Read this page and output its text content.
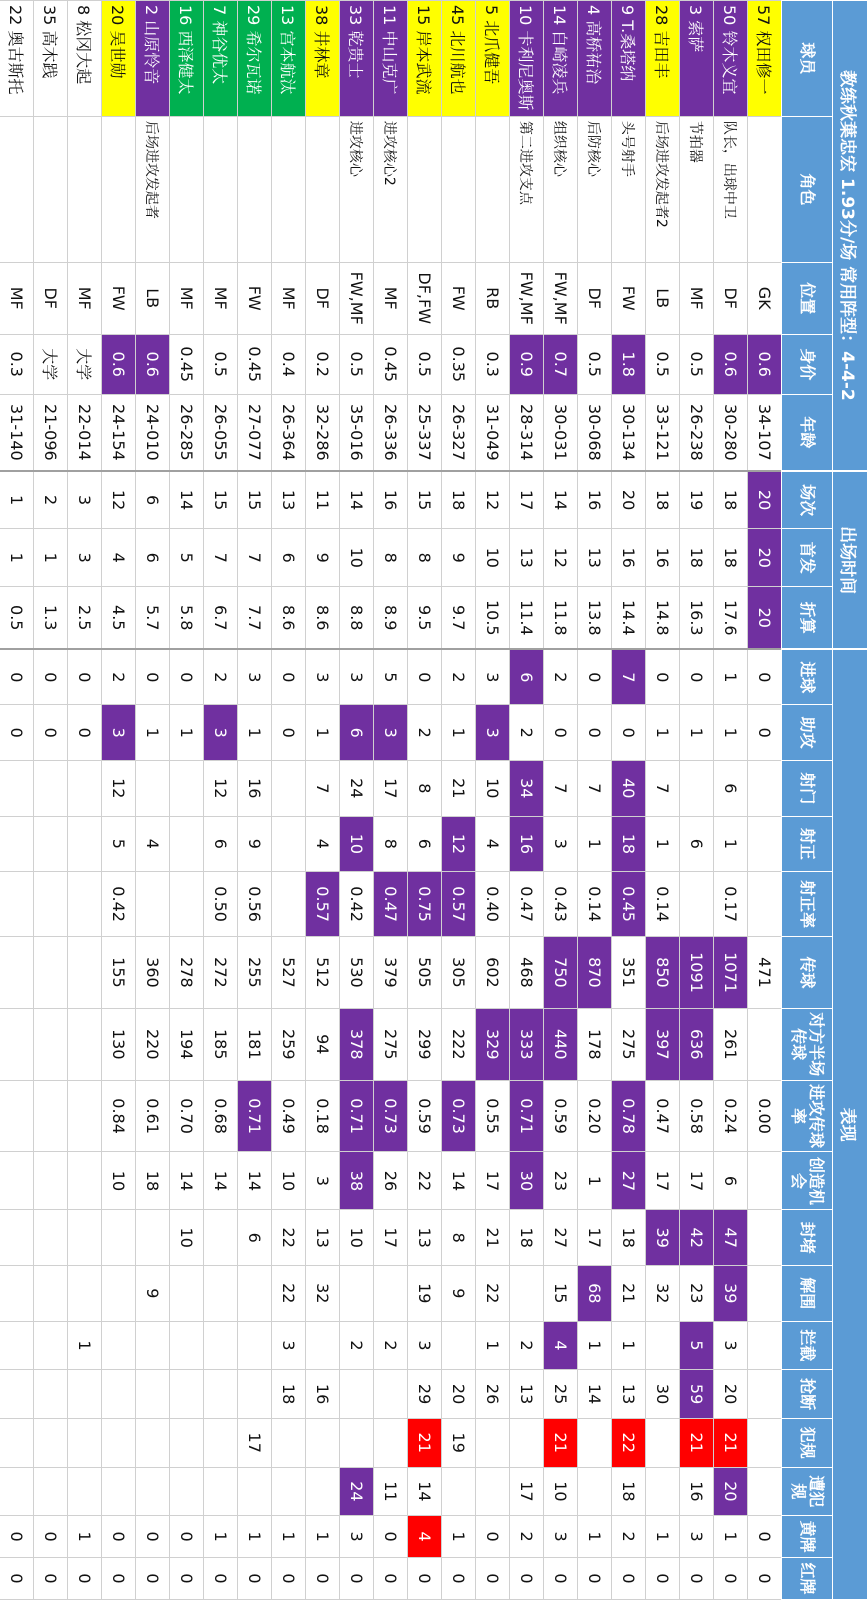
教练秋葉忠宏 1.93分/场 常用阵型：4-4-2					出场时间			表现																
球员	角色	位置	身价	年龄	场次	首发	折算	进球	助攻	射门	射正	射正率	传球	对方半场传球	进攻传球率	创造机会	封堵	解围	拦截	抢断	犯规	遭犯规	黄牌	红牌
57 权田修一		GK	0.6	34-107	20	20	20	0	0				471		0.00								0	0
50 铃木义宜	队长，出球中卫	DF	0.6	30-280	18	18	17.6	1	1	6	1	0.17	1071	261	0.24	6	47	39	3	20	21	20	1	0
3 索萨	节拍器	MF	0.5	26-238	19	18	16.3	0	1		6		1091	636	0.58	17	42	23	5	59	21	16	3	0
28 吉田丰	后场进攻发起者2	LB	0.5	33-121	18	16	14.8	0	1	7	1	0.14	850	397	0.47	17	39	32		30			1	0
9 T.桑塔纳	头号射手	FW	1.8	30-134	20	16	14.4	7	0	40	18	0.45	351	275	0.78	27	18	21	1	13	22	18	2	0
4 高桥祐治	后防核心	DF	0.5	30-068	16	13	13.8	0	0	7	1	0.14	870	178	0.20	1	17	68	1	14			1	0
14 白崎凌兵	组织核心	FW,MF	0.7	30-031	14	12	11.8	2	0	7	3	0.43	750	440	0.59	23	27	15	4	25	21	10	3	0
10 卡利尼奥斯	第二进攻支点	FW,MF	0.9	28-314	17	13	11.4	6	2	34	16	0.47	468	333	0.71	30	18		2	13		17	2	0
5 北爪健吾		RB	0.3	31-049	12	10	10.5	3	3	10	4	0.40	602	329	0.55	17	21	22	1	26			0	0
45 北川航也		FW	0.35	26-327	18	9	9.7	2	1	21	12	0.57	305	222	0.73	14	8	9		20	19		1	0
15 岸本武流		DF,FW	0.5	25-337	15	8	9.5	0	2	8	6	0.75	505	299	0.59	22	13	19	3	29	21	14	4	0
11 中山克广	进攻核心2	MF	0.45	26-336	16	8	8.9	5	3	17	8	0.47	379	275	0.73	26	17		2			11	0	0
33 乾贵士	进攻核心	FW,MF	0.5	35-016	14	10	8.8	3	6	24	10	0.42	530	378	0.71	38	10		2			24	3	0
38 井林章		DF	0.2	32-286	11	9	8.6	3	1	7	4	0.57	512	94	0.18	3	13	32		16			1	0
13 宫本航汰		MF	0.4	26-364	13	6	8.6	0	0				527	259	0.49	10	22	22	3	18			1	0
29 希尔瓦诺		FW	0.45	27-077	15	7	7.7	3	1	16	9	0.56	255	181	0.71	14	6				17		1	0
7 神谷优太		MF	0.5	26-055	15	7	6.7	2	3	12	6	0.50	272	185	0.68	14							1	0
16 西泽健太		MF	0.45	26-285	14	5	5.8	0	1				278	194	0.70	14	10						0	0
2 山原怜音	后场进攻发起者	LB	0.6	24-010	6	6	5.7	0	1		4		360	220	0.61	18		9					0	0
20 吴世勋		FW	0.6	24-154	12	4	4.5	2	3	12	5	0.42	155	130	0.84	10							0	0
8 松冈大起		MF	大学	22-014	3	3	2.5	0	0										1				1	0
35 高木践		DF	大学	21-096	2	1	1.3	0	0														0	0
22 奥古斯托		MF	0.3	31-140	1	1	0.5	0	0														0	0
